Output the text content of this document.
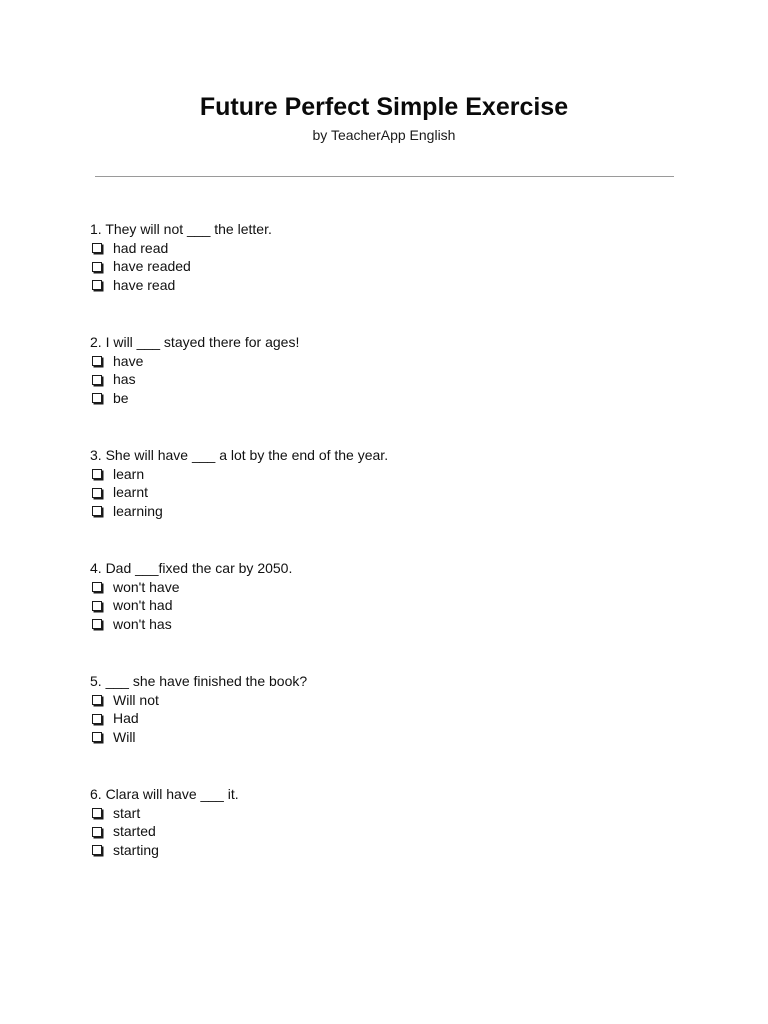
Future Perfect Simple Exercise
by TeacherApp English
1. They will not ___ the letter.
had read
have readed
have read
2. I will ___ stayed there for ages!
have
has
be
3. She will have ___ a lot by the end of the year.
learn
learnt
learning
4. Dad ___fixed the car by 2050.
won't have
won't had
won't has
5. ___ she have finished the book?
Will not
Had
Will
6. Clara will have ___ it.
start
started
starting
